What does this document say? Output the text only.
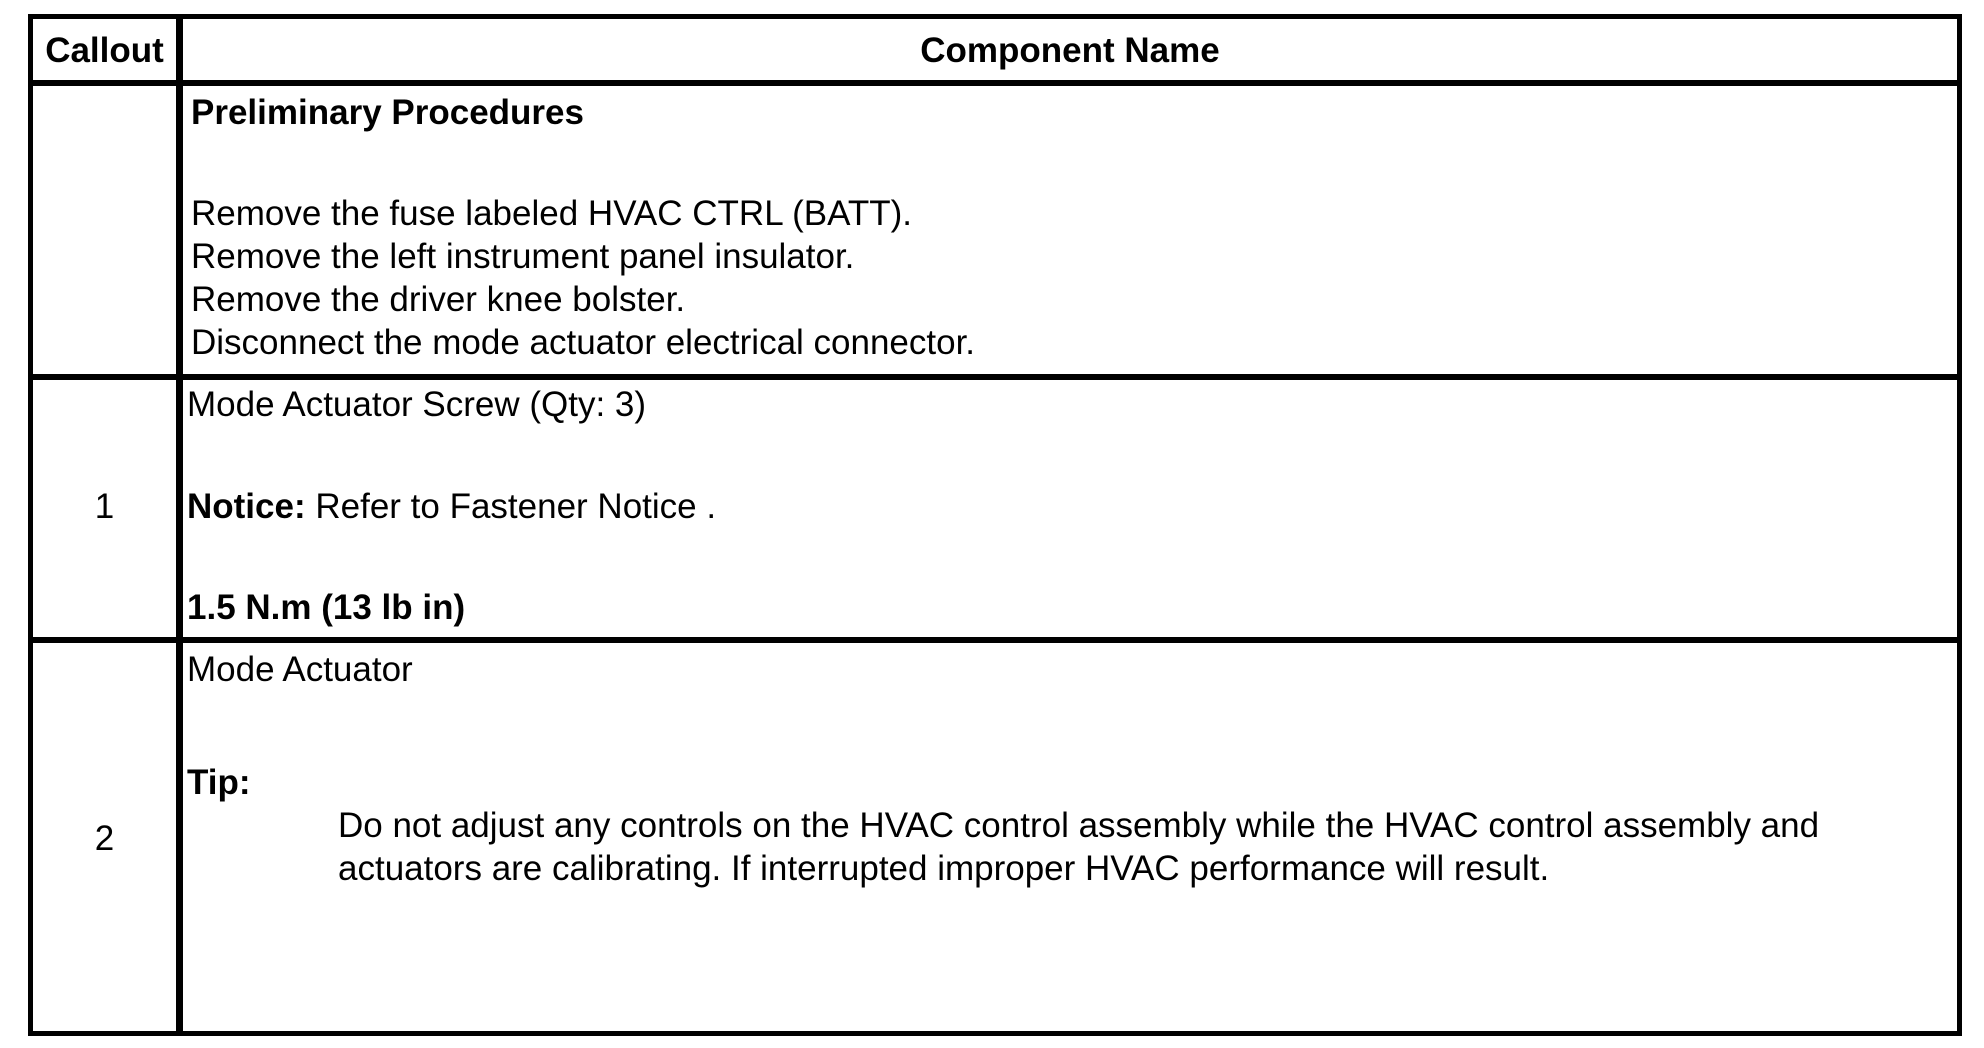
Callout	Component Name
Preliminary Procedures
Remove the fuse labeled HVAC CTRL (BATT).
Remove the left instrument panel insulator.
Remove the driver knee bolster.
Disconnect the mode actuator electrical connector.
1
Mode Actuator Screw (Qty: 3)
Notice: Refer to Fastener Notice .
1.5 N.m (13 lb in)
2
Mode Actuator
Tip:
Do not adjust any controls on the HVAC control assembly while the HVAC control assembly and actuators are calibrating. If interrupted improper HVAC performance will result.
